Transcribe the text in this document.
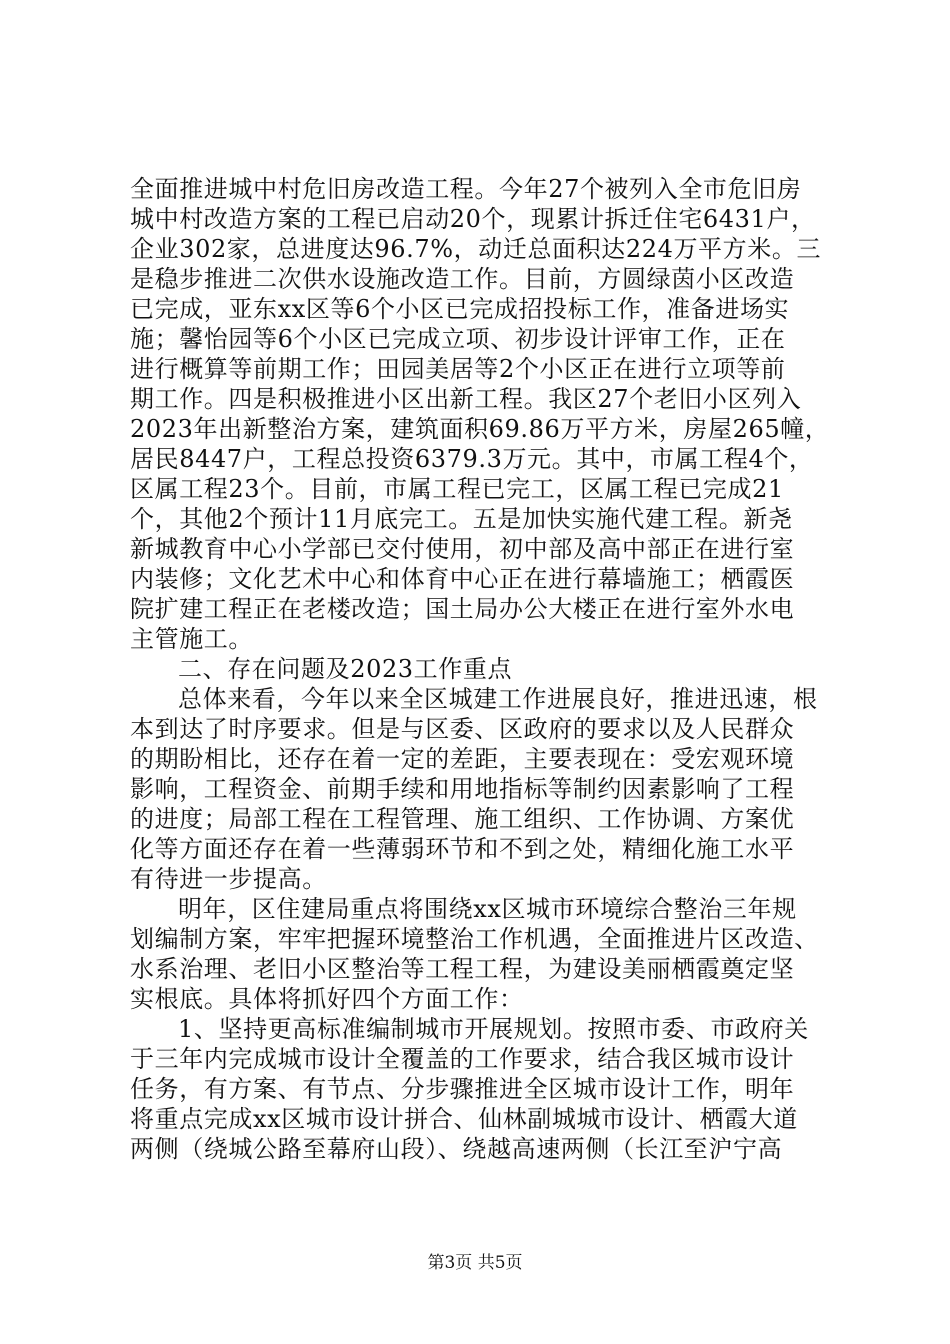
全面推进城中村危旧房改造工程。今年27个被列入全市危旧房
城中村改造方案的工程已启动20个，现累计拆迁住宅6431户，
企业302家，总进度达96.7%，动迁总面积达224万平方米。三
是稳步推进二次供水设施改造工作。目前，方圆绿茵小区改造
已完成，亚东xx区等6个小区已完成招投标工作，准备进场实
施；馨怡园等6个小区已完成立项、初步设计评审工作，正在
进行概算等前期工作；田园美居等2个小区正在进行立项等前
期工作。四是积极推进小区出新工程。我区27个老旧小区列入
2023年出新整治方案，建筑面积69.86万平方米，房屋265幢，
居民8447户，工程总投资6379.3万元。其中，市属工程4个，
区属工程23个。目前，市属工程已完工，区属工程已完成21
个，其他2个预计11月底完工。五是加快实施代建工程。新尧
新城教育中心小学部已交付使用，初中部及高中部正在进行室
内装修；文化艺术中心和体育中心正在进行幕墙施工；栖霞医
院扩建工程正在老楼改造；国土局办公大楼正在进行室外水电
主管施工。
二、存在问题及2023工作重点
总体来看，今年以来全区城建工作进展良好，推进迅速，根
本到达了时序要求。但是与区委、区政府的要求以及人民群众
的期盼相比，还存在着一定的差距，主要表现在：受宏观环境
影响，工程资金、前期手续和用地指标等制约因素影响了工程
的进度；局部工程在工程管理、施工组织、工作协调、方案优
化等方面还存在着一些薄弱环节和不到之处，精细化施工水平
有待进一步提高。
明年，区住建局重点将围绕xx区城市环境综合整治三年规
划编制方案，牢牢把握环境整治工作机遇，全面推进片区改造、
水系治理、老旧小区整治等工程工程，为建设美丽栖霞奠定坚
实根底。具体将抓好四个方面工作：
1、坚持更高标准编制城市开展规划。按照市委、市政府关
于三年内完成城市设计全覆盖的工作要求，结合我区城市设计
任务，有方案、有节点、分步骤推进全区城市设计工作，明年
将重点完成xx区城市设计拼合、仙林副城城市设计、栖霞大道
两侧（绕城公路至幕府山段）、绕越高速两侧（长江至沪宁高
第3页 共5页
